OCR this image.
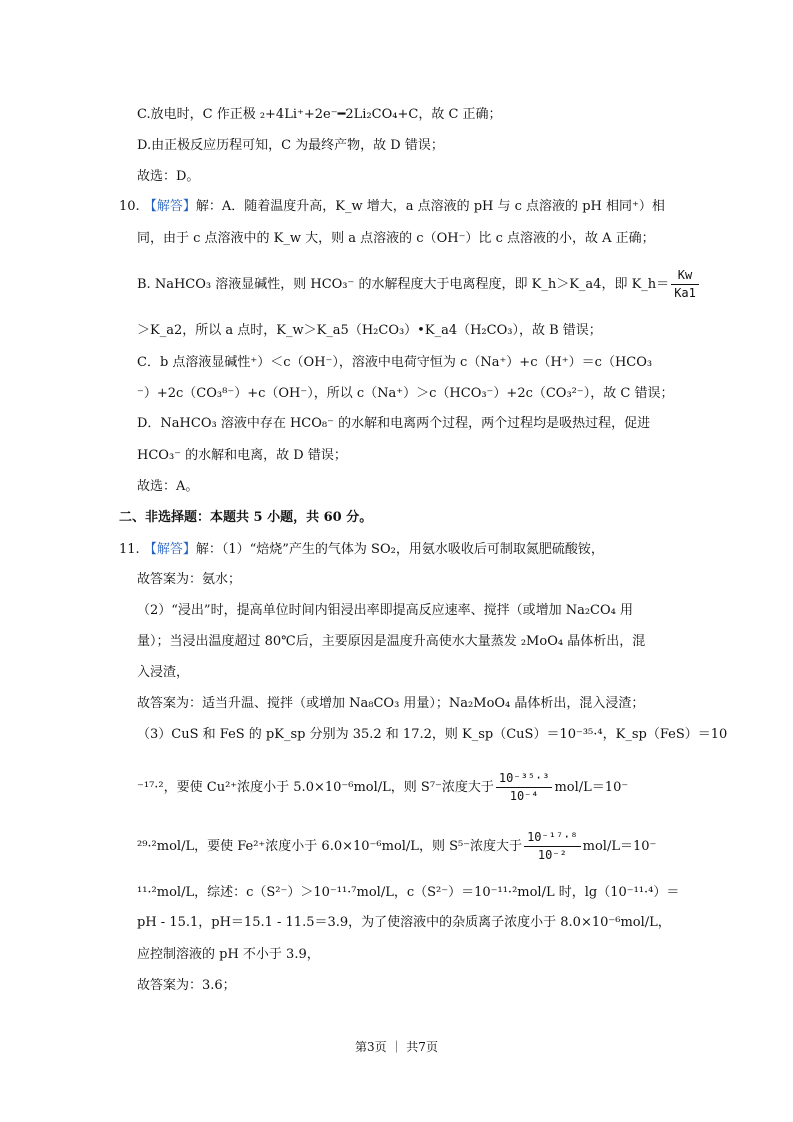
C.放电时，C 作正极 ₂+4Li⁺+2e⁻━2Li₂CO₄+C，故 C 正确；
D.由正极反应历程可知，C 为最终产物，故 D 错误；
故选：D。
10. 【解答】解：A．随着温度升高，K_w 增大，a 点溶液的 pH 与 c 点溶液的 pH 相同⁺）相
同，由于 c 点溶液中的 K_w 大，则 a 点溶液的 c（OH⁻）比 c 点溶液的小，故 A 正确；
B. NaHCO₃ 溶液显碱性，则 HCO₃⁻ 的水解程度大于电离程度，即 K_h＞K_a4，即 K_h＝ $\frac{Kw}{Ka1}$
＞K_a2，所以 a 点时，K_w＞K_a5（H₂CO₃）•K_a4（H₂CO₃），故 B 错误；
C．b 点溶液显碱性⁺）＜c（OH⁻），溶液中电荷守恒为 c（Na⁺）+c（H⁺）＝c（HCO₃
⁻）+2c（CO₃⁸⁻）+c（OH⁻），所以 c（Na⁺）＞c（HCO₃⁻）+2c（CO₃²⁻），故 C 错误；
D．NaHCO₃ 溶液中存在 HCO₈⁻ 的水解和电离两个过程，两个过程均是吸热过程，促进
HCO₃⁻ 的水解和电离，故 D 错误；
故选：A。
二、非选择题：本题共 5 小题，共 60 分。
11. 【解答】解：（1）“焙烧”产生的气体为 SO₂，用氨水吸收后可制取氮肥硫酸铵，
故答案为：氨水；
（2）“浸出”时，提高单位时间内钼浸出率即提高反应速率、搅拌（或增加 Na₂CO₄ 用
量）；当浸出温度超过 80℃后，主要原因是温度升高使水大量蒸发 ₂MoO₄ 晶体析出，混
入浸渣，
故答案为：适当升温、搅拌（或增加 Na₈CO₃ 用量）；Na₂MoO₄ 晶体析出，混入浸渣；
（3）CuS 和 FeS 的 pK_sp 分别为 35.2 和 17.2，则 K_sp（CuS）＝10⁻³⁵·⁴，K_sp（FeS）＝10
⁻¹⁷·²，要使 Cu²⁺浓度小于 5.0×10⁻⁶mol/L，则 S⁷⁻浓度大于 $\frac{\text{10⁻³⁵·³}}{\text{10⁻⁴}} mol/L=10^-$
²⁹·²mol/L，要使 Fe²⁺浓度小于 6.0×10⁻⁶mol/L，则 S⁵⁻浓度大于 $\frac{\text{10⁻¹⁷·⁸}}{\text{10⁻²}} mol/L=10^-$
¹¹·²mol/L，综述：c（S²⁻）＞10⁻¹¹·⁷mol/L，c（S²⁻）＝10⁻¹¹·²mol/L 时，lg（10⁻¹¹·⁴）＝
pH - 15.1，pH＝15.1 - 11.5＝3.9，为了使溶液中的杂质离子浓度小于 8.0×10⁻⁶mol/L，
应控制溶液的 pH 不小于 3.9，
故答案为：3.6；
第3页 ｜ 共7页
